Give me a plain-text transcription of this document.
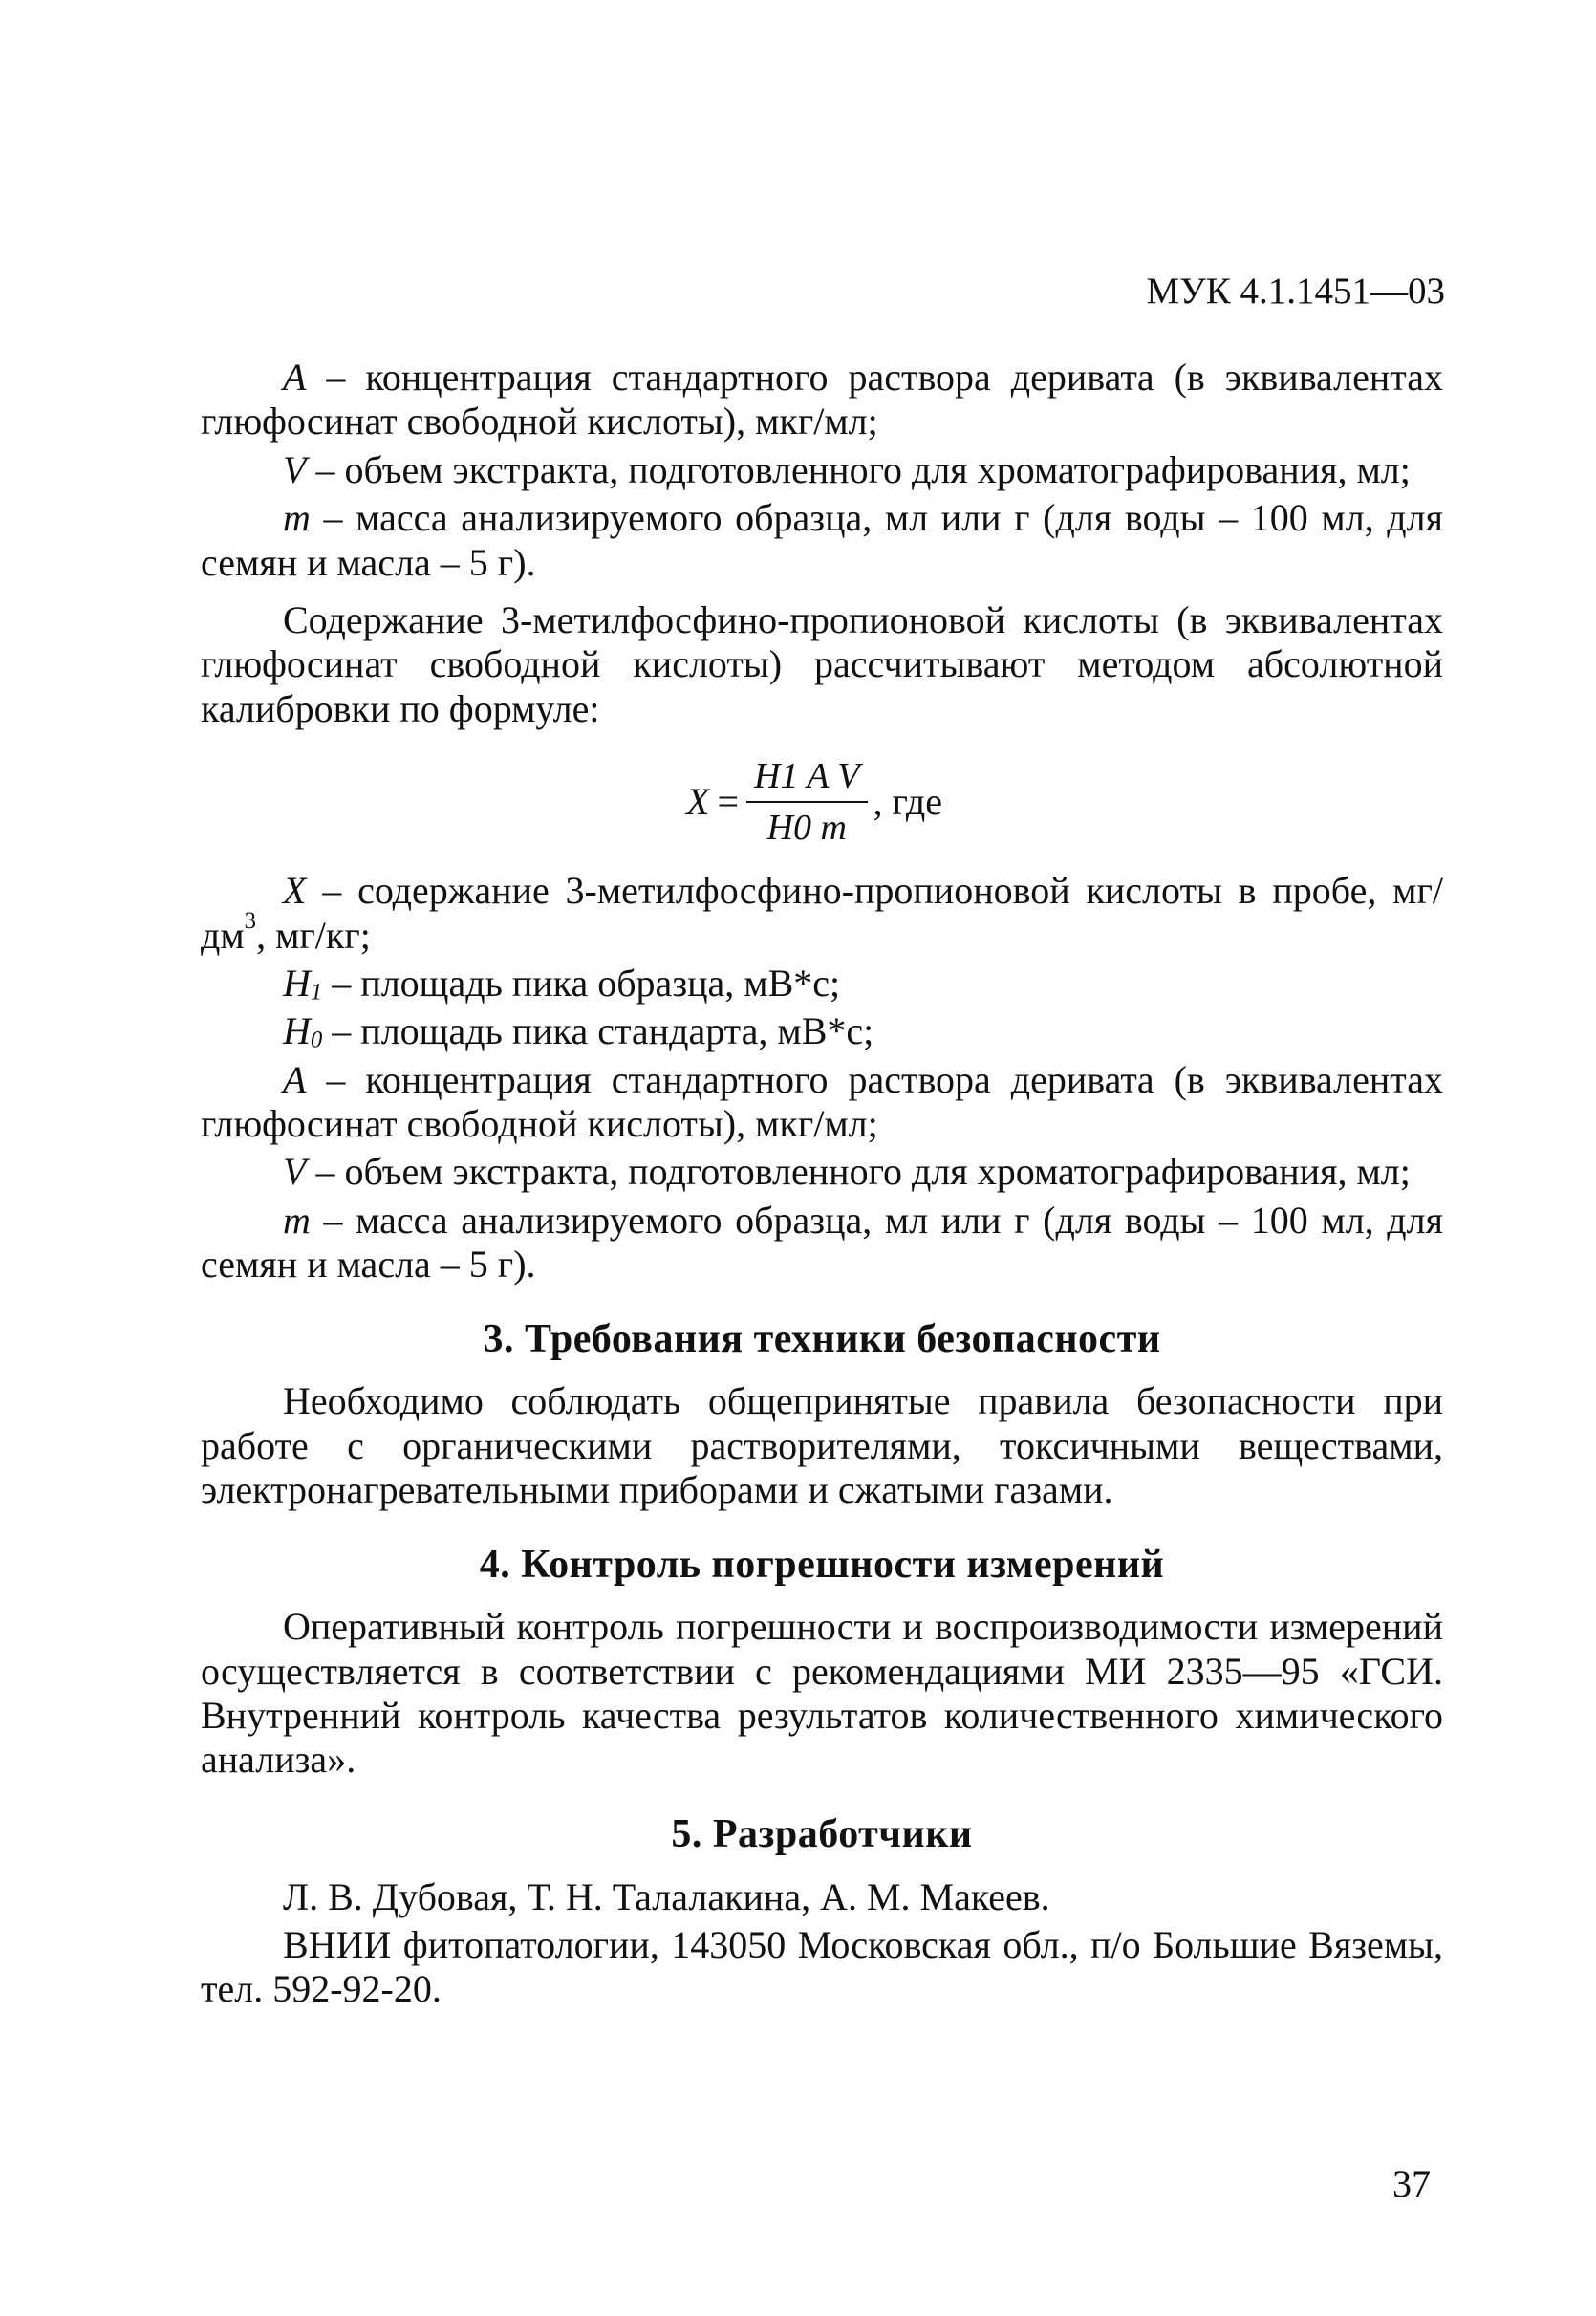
МУК 4.1.1451—03

А – концентрация стандартного раствора дериватa (в эквивалентах глюфосинат свободной кислоты), мкг/мл;

V – объем экстракта, подготовленного для хроматографирования, мл;

m – масса анализируемого образца, мл или г (для воды – 100 мл, для семян и масла – 5 г).

Содержание 3-метилфосфино-пропионовой кислоты (в эквивалентах глюфосинат свободной кислоты) рассчитывают методом абсолютной калибровки по формуле:

$X = \frac{\text{H1 A V}}{H0 m}$ , где

X – содержание 3-метилфосфино-пропионовой кислоты в пробе, $мг/дм^3$, мг/кг;

$H_1$ – площадь пика образца, мВ*с;

$H_0$ – площадь пика стандарта, мВ*с;

А – концентрация стандартного раствора дериватa (в эквивалентах глюфосинат свободной кислоты), мкг/мл;

V – объем экстракта, подготовленного для хроматографирования, мл;

m – масса анализируемого образца, мл или г (для воды – 100 мл, для семян и масла – 5 г).

3. Требования техники безопасности

Необходимо соблюдать общепринятые правила безопасности при работе с органическими растворителями, токсичными веществами, электронагревательными приборами и сжатыми газами.

4. Контроль погрешности измерений

Оперативный контроль погрешности и воспроизводимости измерений осуществляется в соответствии с рекомендациями МИ 2335—95 «ГСИ. Внутренний контроль качества результатов количественного химического анализа».

5. Разработчики

Л. В. Дубовая, Т. Н. Талалакина, А. М. Макеев.

ВНИИ фитопатологии, 143050 Московская обл., п/о Большие Вяземы, тел. 592-92-20.

37
